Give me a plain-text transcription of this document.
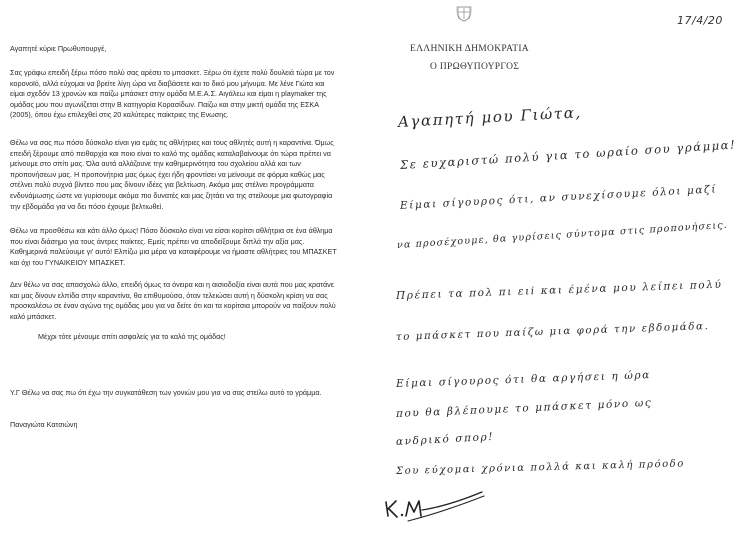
Αγαπητέ κύριε Πρωθυπουργέ,
Σας γράφω επειδή ξέρω πόσο πολύ σας αρέσει το μπασκετ. Ξέρω ότι έχετε πολύ δουλειά τώρα με τον
κορονοϊό, αλλά εύχομαι να βρείτε λίγη ώρα να διαβάσετε και το δικό μου μήνυμα. Με λένε Γιώτα και
είμαι σχεδόν 13 χρονών και παίζω μπάσκετ στην ομάδα Μ.Ε.Α.Σ. Αιγάλεω και είμαι η playmaker της
ομάδας μου που αγωνίζεται στην Β κατηγορία Κορασίδων. Παίζω και στην μικτή ομάδα της ΕΣΚΑ
(2005), όπου έχω επιλεχθεί στις 20 καλύτερες παίκτριες της Ενωσης.
Θέλω να σας πω πόσο δύσκολο είναι για εμάς τις αθλήτριες και τους αθλητές αυτή η καραντίνα. Όμως
επειδή ξέρουμε από πειθαρχία και ποιο είναι το καλό της ομάδας καταλαβαίνουμε ότι τώρα πρέπει να
μείνουμε στο σπίτι μας. Όλα αυτά αλλάζουνε την καθημερινότητα του σχολείου αλλά και των
προπονήσεων μας. Η προπονήτρια μας όμως έχει ήδη φροντίσει να μείνουμε σε φόρμα καθώς μας
στέλνει πολύ συχνά βίντεο που μας δίνουν ιδέες για βελτίωση. Ακόμα μας στέλνει προγράμματα
ενδυνάμωσης ώστε να γυρίσουμε ακόμα πιο δυνατές και μας ζητάει να της στείλουμε μια φωτογραφία
την εβδομάδα για να δει πόσο έχουμε βελτιωθεί.
Θέλω να προσθέσω και κάτι άλλο όμως! Πόσο δύσκολο είναι να είσαι κορίτσι αθλήτρια σε ένα άθλημα
που είναι διάσημο για τους άντρες παίκτες. Εμείς πρέπει να αποδείξουμε διπλά την αξία μας.
Καθημερινά παλεύουμε γι' αυτό! Ελπίζω μια μέρα να καταφέρουμε να ήμαστε αθλήτριες του ΜΠΑΣΚΕΤ
και όχι του ΓΥΝΑΙΚΕΙΟΥ ΜΠΑΣΚΕΤ.
Δεν θέλω να σας απασχολώ άλλο, επειδή όμως τα όνειρα και η αισιοδοξία είναι αυτά που μας κρατάνε
και μας δίνουν ελπίδα στην καραντίνα, θα επιθυμούσα, όταν τελειώσει αυτή η δύσκολη κρίση να σας
προσκαλέσω σε έναν αγώνα της ομάδας μου για να δείτε ότι και τα κορίτσια μπορούν να παίξουν πολύ
καλό μπάσκετ.
Μέχρι τότε μένουμε σπίτι ασφαλείς για το καλό της ομάδας!
Υ.Γ Θέλω να σας πω ότι έχω την συγκατάθεση των γονιών μου για να σας στείλω αυτό το γράμμα.
Παναγιώτα Κατσιώνη
17/4/20
ΕΛΛΗΝΙΚΗ ΔΗΜΟΚΡΑΤΙΑ
Ο ΠΡΩΘΥΠΟΥΡΓΟΣ
Αγαπητή μου Γιώτα,
Σε ευχαριστώ πολύ για το ωραίο σου γράμμα!
Είμαι σίγουρος ότι, αν συνεχίσουμε όλοι μαζί
να προσέχουμε, θα γυρίσεις σύντομα στις προπονήσεις.
Πρέπει τα πολ πι ειi και έμένα μου λείπει πολύ
το μπάσκετ που παίζω μια φορά την εβδομάδα.
Είμαι σίγουρος ότι θα αργήσει η ώρα
που θα βλέπουμε το μπάσκετ μόνο ως
ανδρικό σπορ!
Σου εύχομαι χρόνια πολλά και καλή πρόοδο
